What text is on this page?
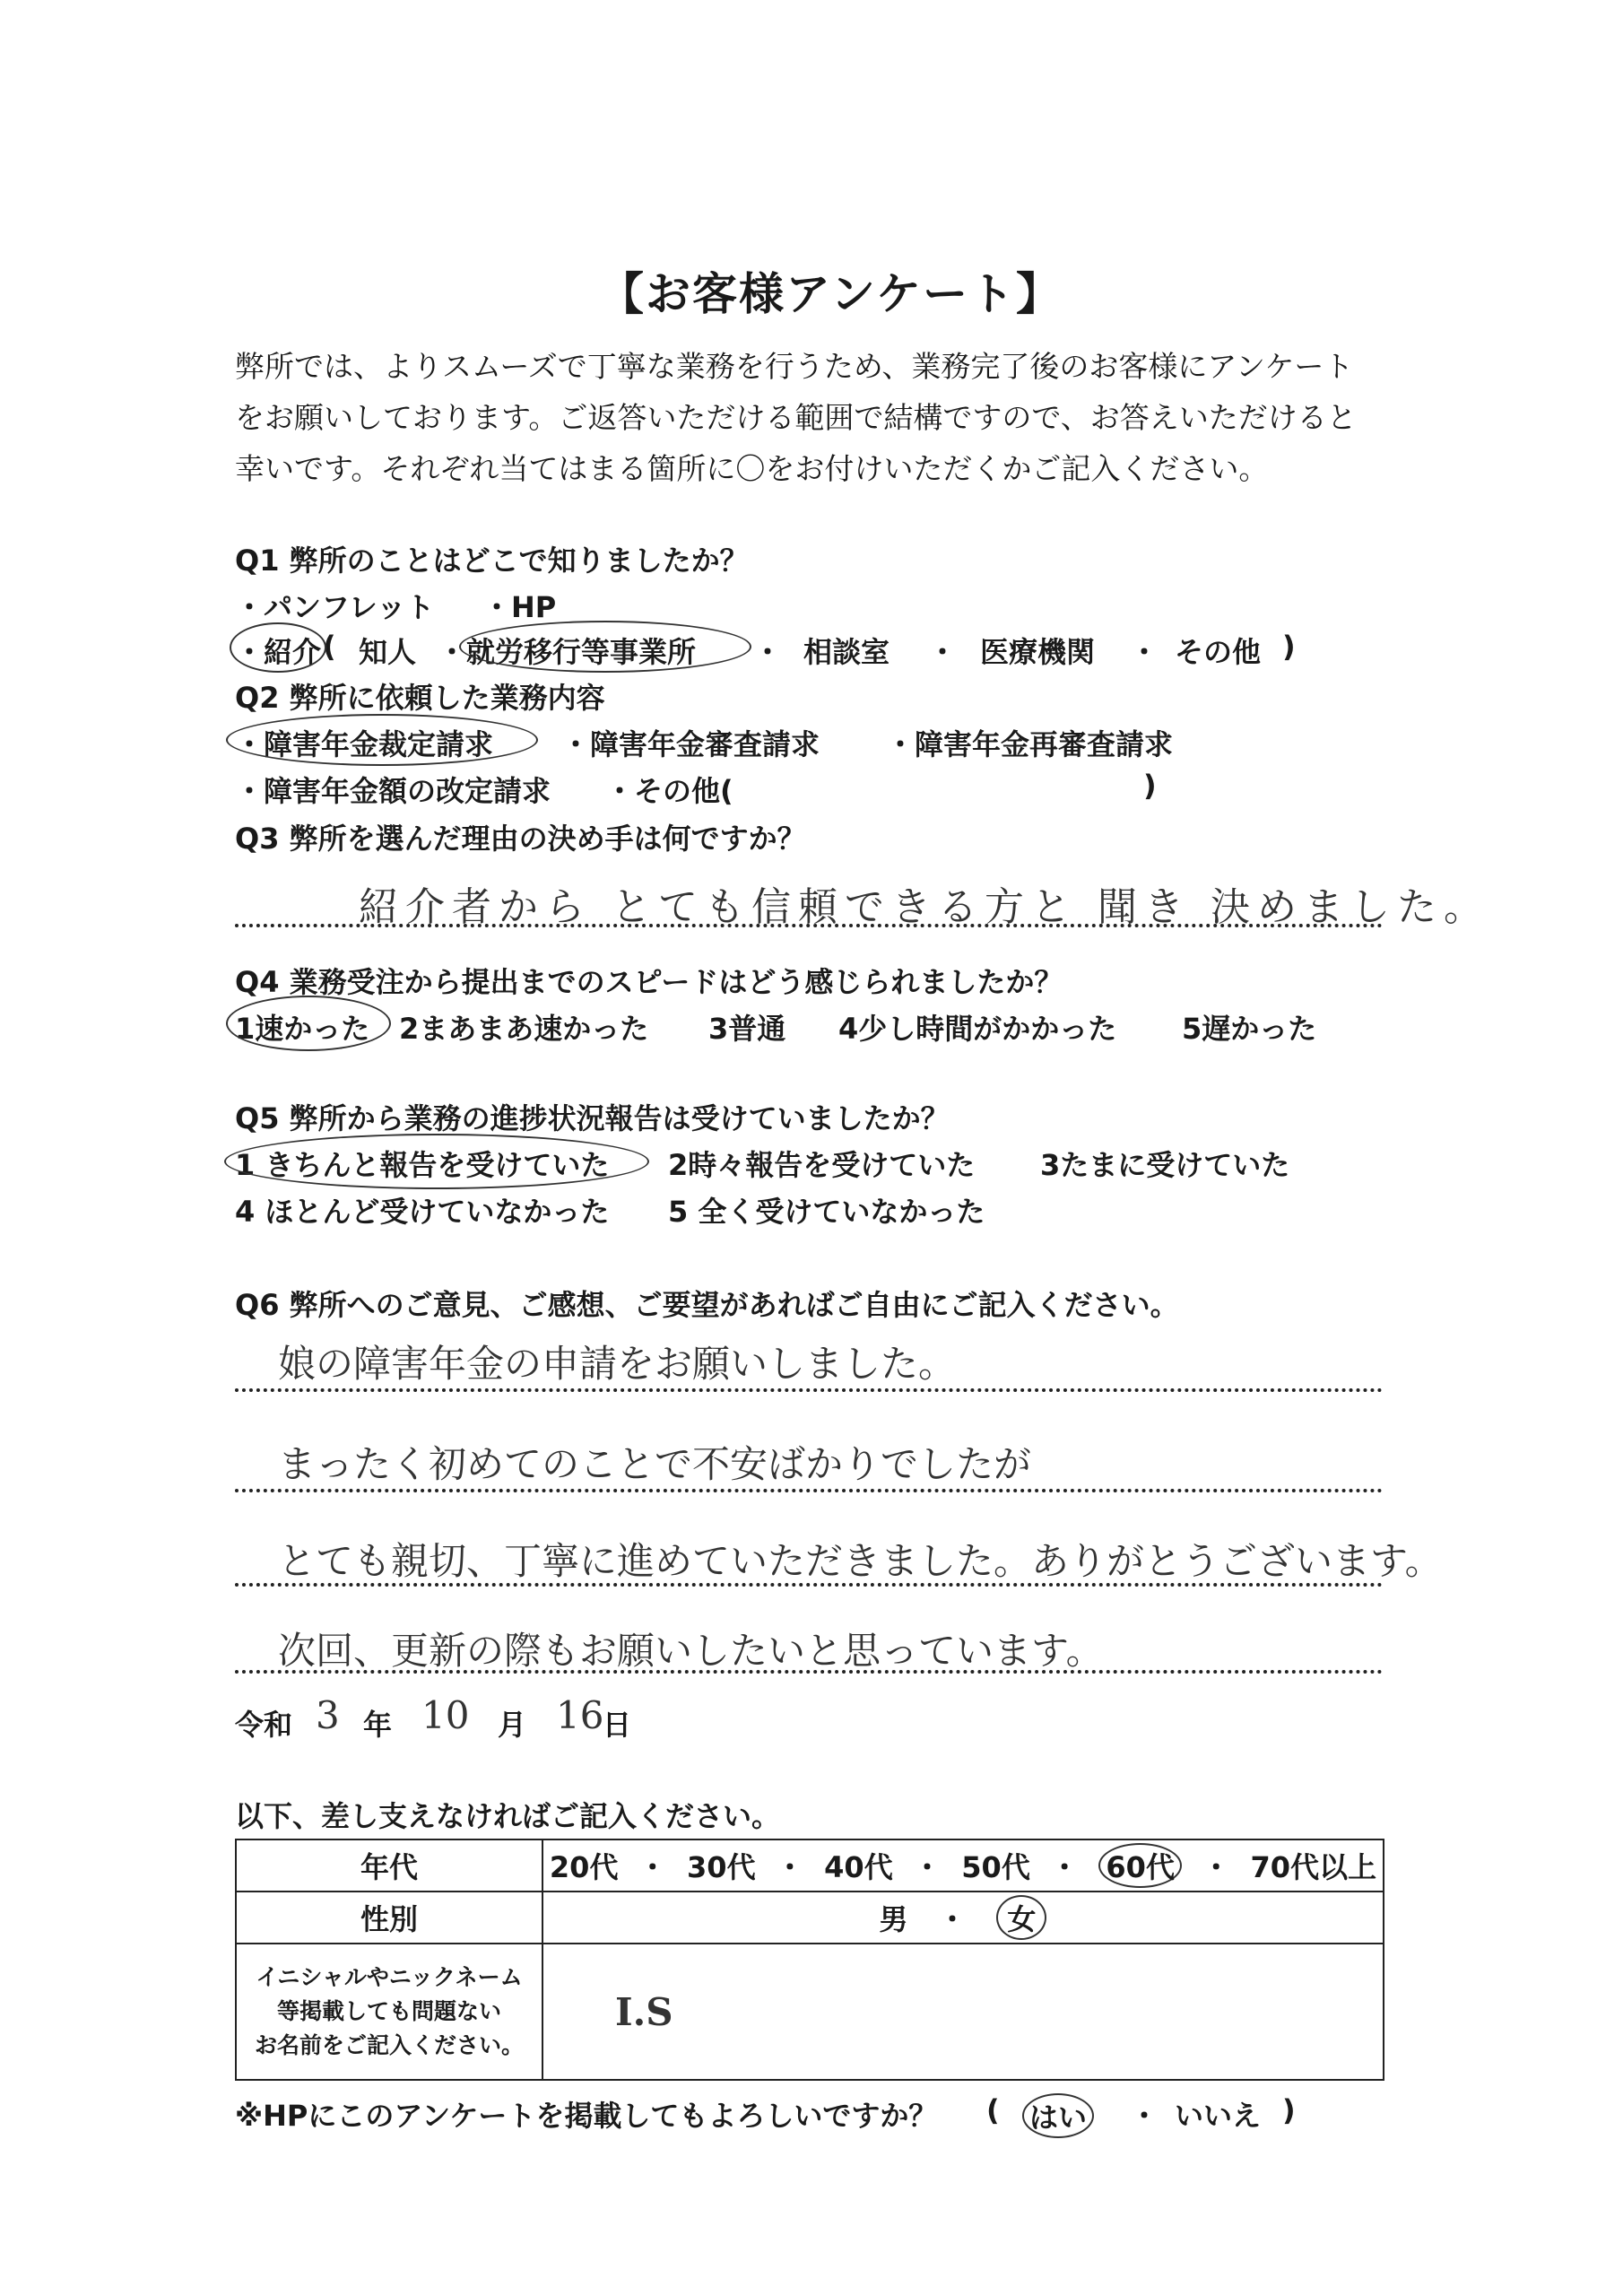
【お客様アンケート】
弊所では、よりスムーズで丁寧な業務を行うため、業務完了後のお客様にアンケート
をお願いしております。ご返答いただける範囲で結構ですので、お答えいただけると
幸いです。それぞれ当てはまる箇所に〇をお付けいただくかご記入ください。
Q1 弊所のことはどこで知りましたか？
・パンフレット ・HP
・紹介 ( 知人 ・ 就労移行等事業所 ・ 相談室 ・ 医療機関 ・ その他 )
Q2 弊所に依頼した業務内容
・障害年金裁定請求 ・障害年金審査請求 ・障害年金再審査請求
・障害年金額の改定請求 ・その他(	)
Q3 弊所を選んだ理由の決め手は何ですか？
紹介者から とても信頼できる方と 聞き 決めました。
Q4 業務受注から提出までのスピードはどう感じられましたか？
1速かった 2まあまあ速かった 3普通 4少し時間がかかった 5遅かった
Q5 弊所から業務の進捗状況報告は受けていましたか？
1 きちんと報告を受けていた 2時々報告を受けていた 3たまに受けていた
4 ほとんど受けていなかった 5 全く受けていなかった
Q6 弊所へのご意見、ご感想、ご要望があればご自由にご記入ください。
娘の障害年金の申請をお願いしました。
まったく初めてのことで不安ばかりでしたが
とても親切、丁寧に進めていただきました。ありがとうございます。
次回、更新の際もお願いしたいと思っています。
令和 3 年 10 月 16
日
以下、差し支えなければご記入ください。
年代	20代  ・  30代  ・  40代  ・  50代  ・  60代  ・  70代以上
性別	男   ・   女

イニシャルやニックネーム
等掲載しても問題ない
お名前をご記入ください。	I.S
※HPにこのアンケートを掲載してもよろしいですか？ ( はい ・ いいえ )
